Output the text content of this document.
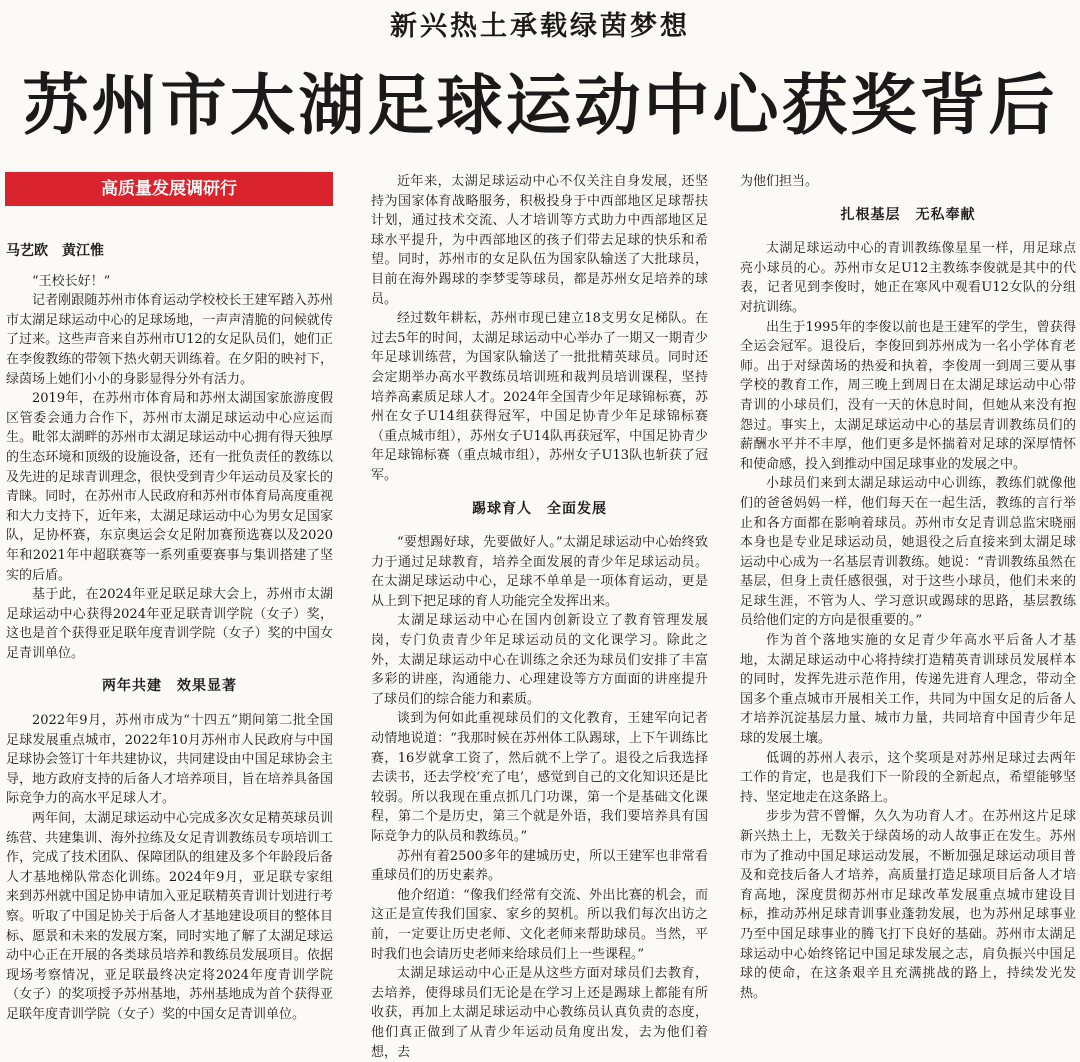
新兴热土承载绿茵梦想
苏州市太湖足球运动中心获奖背后
高质量发展调研行
马艺欧　黄江惟

“王校长好！”

记者刚跟随苏州市体育运动学校校长王建军踏入苏州市太湖足球运动中心的足球场地，一声声清脆的问候就传了过来。这些声音来自苏州市U12的女足队员们，她们正在李俊教练的带领下热火朝天训练着。在夕阳的映衬下，绿茵场上她们小小的身影显得分外有活力。

2019年，在苏州市体育局和苏州太湖国家旅游度假区管委会通力合作下，苏州市太湖足球运动中心应运而生。毗邻太湖畔的苏州市太湖足球运动中心拥有得天独厚的生态环境和顶级的设施设备，还有一批负责任的教练以及先进的足球青训理念，很快受到青少年运动员及家长的青睐。同时，在苏州市人民政府和苏州市体育局高度重视和大力支持下，近年来，太湖足球运动中心为男女足国家队，足协杯赛，东京奥运会女足附加赛预选赛以及2020年和2021年中超联赛等一系列重要赛事与集训搭建了坚实的后盾。

基于此，在2024年亚足联足球大会上，苏州市太湖足球运动中心获得2024年亚足联青训学院（女子）奖，这也是首个获得亚足联年度青训学院（女子）奖的中国女足青训单位。

两年共建　效果显著

2022年9月，苏州市成为“十四五”期间第二批全国足球发展重点城市，2022年10月苏州市人民政府与中国足球协会签订十年共建协议，共同建设由中国足球协会主导，地方政府支持的后备人才培养项目，旨在培养具备国际竞争力的高水平足球人才。

两年间，太湖足球运动中心完成多次女足精英球员训练营、共建集训、海外拉练及女足青训教练员专项培训工作，完成了技术团队、保障团队的组建及多个年龄段后备人才基地梯队常态化训练。2024年9月，亚足联专家组来到苏州就中国足协申请加入亚足联精英青训计划进行考察。听取了中国足协关于后备人才基地建设项目的整体目标、愿景和未来的发展方案，同时实地了解了太湖足球运动中心正在开展的各类球员培养和教练员发展项目。依据现场考察情况，亚足联最终决定将2024年度青训学院（女子）的奖项授予苏州基地，苏州基地成为首个获得亚足联年度青训学院（女子）奖的中国女足青训单位。

近年来，太湖足球运动中心不仅关注自身发展，还坚持为国家体育战略服务，积极投身于中西部地区足球帮扶计划，通过技术交流、人才培训等方式助力中西部地区足球水平提升，为中西部地区的孩子们带去足球的快乐和希望。同时，苏州市的女足队伍为国家队输送了大批球员，目前在海外踢球的李梦雯等球员，都是苏州女足培养的球员。

经过数年耕耘，苏州市现已建立18支男女足梯队。在过去5年的时间，太湖足球运动中心举办了一期又一期青少年足球训练营，为国家队输送了一批批精英球员。同时还会定期举办高水平教练员培训班和裁判员培训课程，坚持培养高素质足球人才。2024年全国青少年足球锦标赛，苏州在女子U14组获得冠军，中国足协青少年足球锦标赛（重点城市组），苏州女子U14队再获冠军，中国足协青少年足球锦标赛（重点城市组），苏州女子U13队也斩获了冠军。

踢球育人　全面发展

“要想踢好球，先要做好人。”太湖足球运动中心始终致力于通过足球教育，培养全面发展的青少年足球运动员。在太湖足球运动中心，足球不单单是一项体育运动，更是从上到下把足球的育人功能完全发挥出来。

太湖足球运动中心在国内创新设立了教育管理发展岗，专门负责青少年足球运动员的文化课学习。除此之外，太湖足球运动中心在训练之余还为球员们安排了丰富多彩的讲座，沟通能力、心理建设等方方面面的讲座提升了球员们的综合能力和素质。

谈到为何如此重视球员们的文化教育，王建军向记者动情地说道：“我那时候在苏州体工队踢球，上下午训练比赛，16岁就拿工资了，然后就不上学了。退役之后我选择去读书，还去学校‘充了电’，感觉到自己的文化知识还是比较弱。所以我现在重点抓几门功课，第一个是基础文化课程，第二个是历史，第三个就是外语，我们要培养具有国际竞争力的队员和教练员。”

苏州有着2500多年的建城历史，所以王建军也非常看重球员们的历史素养。

他介绍道：“像我们经常有交流、外出比赛的机会，而这正是宣传我们国家、家乡的契机。所以我们每次出访之前，一定要让历史老师、文化老师来帮助球员。当然，平时我们也会请历史老师来给球员们上一些课程。”

太湖足球运动中心正是从这些方面对球员们去教育，去培养，使得球员们无论是在学习上还是踢球上都能有所收获，再加上太湖足球运动中心教练员认真负责的态度，他们真正做到了从青少年运动员角度出发，去为他们着想，去

为他们担当。

扎根基层　无私奉献

太湖足球运动中心的青训教练像星星一样，用足球点亮小球员的心。苏州市女足U12主教练李俊就是其中的代表，记者见到李俊时，她正在寒风中观看U12女队的分组对抗训练。

出生于1995年的李俊以前也是王建军的学生，曾获得全运会冠军。退役后，李俊回到苏州成为一名小学体育老师。出于对绿茵场的热爱和执着，李俊周一到周三要从事学校的教育工作，周三晚上到周日在太湖足球运动中心带青训的小球员们，没有一天的休息时间，但她从来没有抱怨过。事实上，太湖足球运动中心的基层青训教练员们的薪酬水平并不丰厚，他们更多是怀揣着对足球的深厚情怀和使命感，投入到推动中国足球事业的发展之中。

小球员们来到太湖足球运动中心训练，教练们就像他们的爸爸妈妈一样，他们每天在一起生活，教练的言行举止和各方面都在影响着球员。苏州市女足青训总监宋晓丽本身也是专业足球运动员，她退役之后直接来到太湖足球运动中心成为一名基层青训教练。她说：“青训教练虽然在基层，但身上责任感很强，对于这些小球员，他们未来的足球生涯，不管为人、学习意识或踢球的思路，基层教练员给他们定的方向是很重要的。”

作为首个落地实施的女足青少年高水平后备人才基地，太湖足球运动中心将持续打造精英青训球员发展样本的同时，发挥先进示范作用，传递先进育人理念，带动全国多个重点城市开展相关工作，共同为中国女足的后备人才培养沉淀基层力量、城市力量，共同培育中国青少年足球的发展土壤。

低调的苏州人表示，这个奖项是对苏州足球过去两年工作的肯定，也是我们下一阶段的全新起点，希望能够坚持、坚定地走在这条路上。

步步为营不曾懈，久久为功育人才。在苏州这片足球新兴热土上，无数关于绿茵场的动人故事正在发生。苏州市为了推动中国足球运动发展，不断加强足球运动项目普及和竞技后备人才培养，高质量打造足球项目后备人才培育高地，深度贯彻苏州市足球改革发展重点城市建设目标，推动苏州足球青训事业蓬勃发展，也为苏州足球事业乃至中国足球事业的腾飞打下良好的基础。苏州市太湖足球运动中心始终铭记中国足球发展之志，肩负振兴中国足球的使命，在这条艰辛且充满挑战的路上，持续发光发热。
